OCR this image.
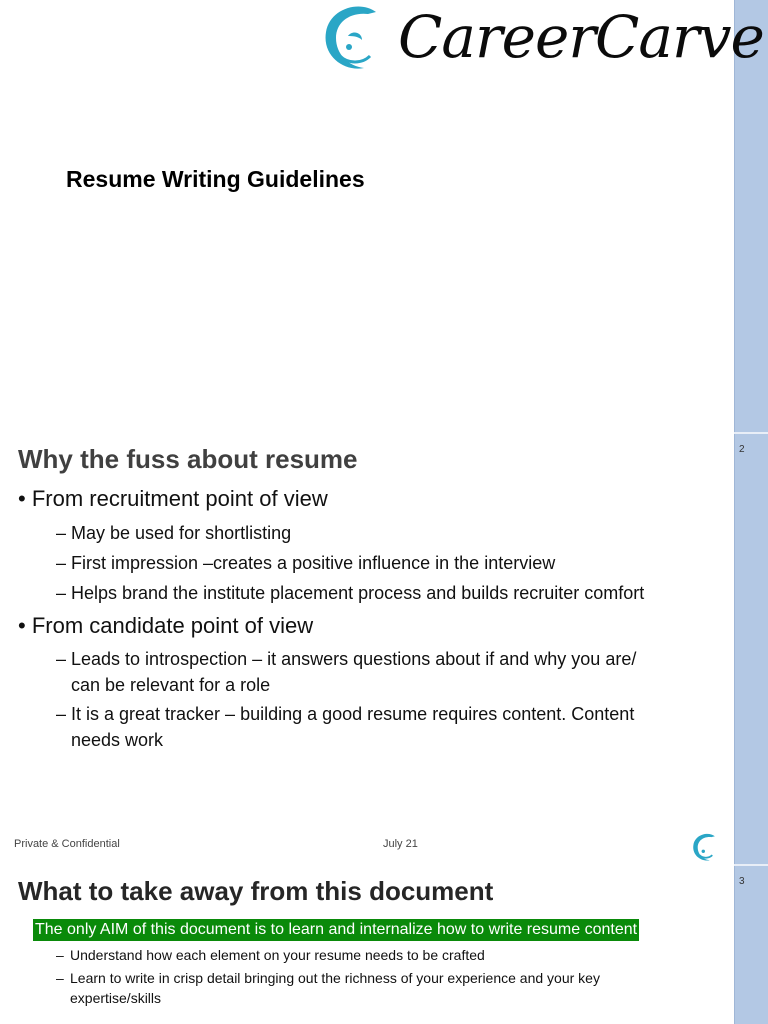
2
3
CareerCarve
Resume Writing Guidelines
Why the fuss about resume
• From recruitment point of view
– May be used for shortlisting
– First impression –creates a positive influence in the interview
– Helps brand the institute placement process and builds recruiter comfort
• From candidate point of view
– Leads to introspection – it answers questions about if and why you are/
can be relevant for a role
– It is a great tracker – building a good resume requires content. Content
needs work
Private & Confidential	July 21
What to take away from this document
The only AIM of this document is to learn and internalize how to write resume content
– Understand how each element on your resume needs to be crafted
– Learn to write in crisp detail bringing out the richness of your experience and your key
expertise/skills
